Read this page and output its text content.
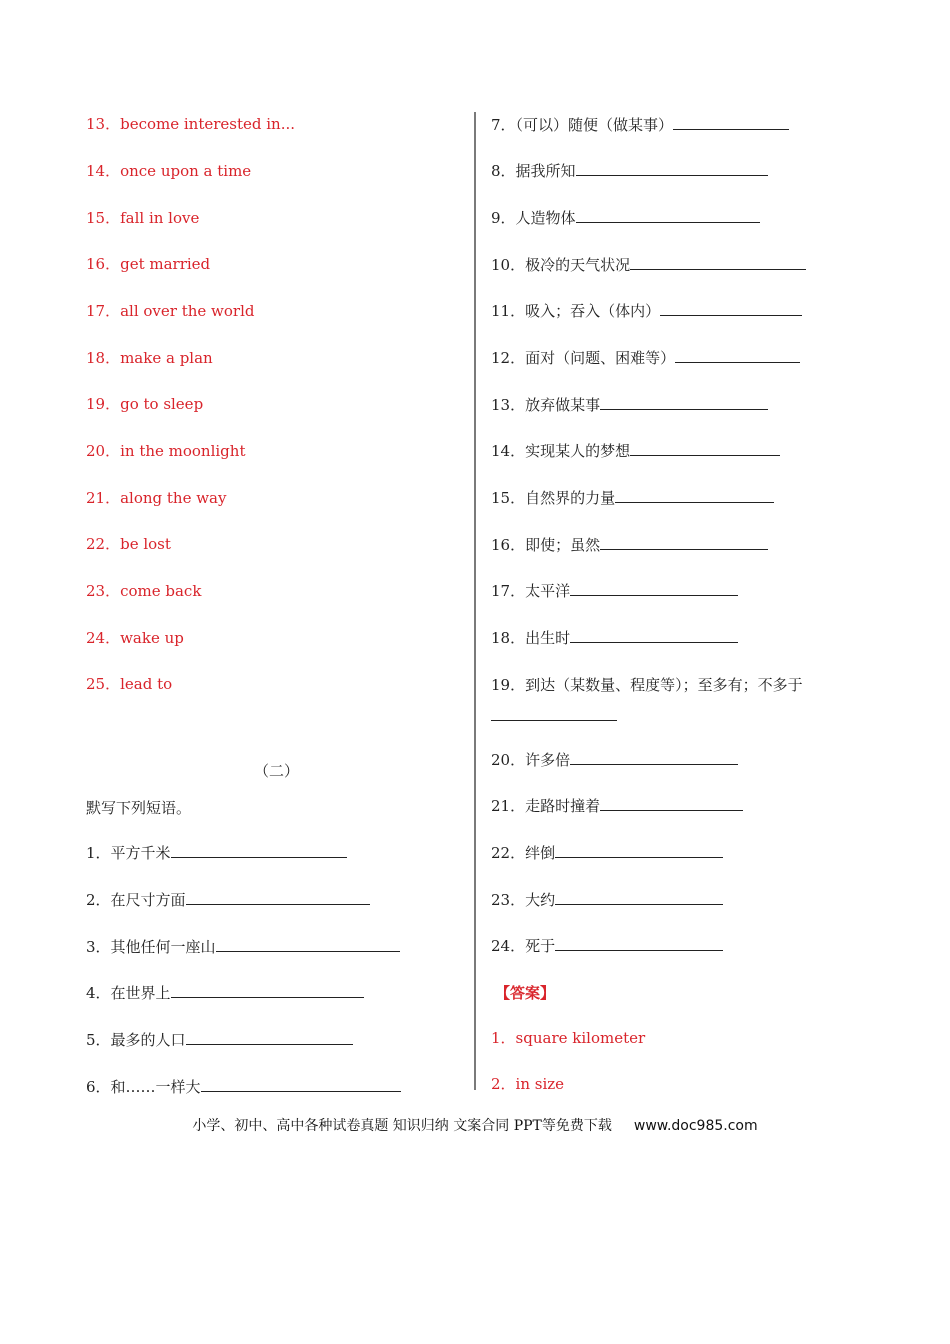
13．become interested in...
14．once upon a time
15．fall in love
16．get married
17．all over the world
18．make a plan
19．go to sleep
20．in the moonlight
21．along the way
22．be lost
23．come back
24．wake up
25．lead to
（二）
默写下列短语。
1．平方千米
2．在尺寸方面
3．其他任何一座山
4．在世界上
5．最多的人口
6．和……一样大
7．（可以）随便（做某事）
8．据我所知
9．人造物体
10．极冷的天气状况
11．吸入；吞入（体内）
12．面对（问题、困难等）
13．放弃做某事
14．实现某人的梦想
15．自然界的力量
16．即使；虽然
17．太平洋
18．出生时
19．到达（某数量、程度等）；至多有；不多于
20．许多倍
21．走路时撞着
22．绊倒
23．大约
24．死于
【答案】
1．square kilometer
2．in size
小学、初中、高中各种试卷真题 知识归纳 文案合同 PPT等免费下载 www.doc985.com
